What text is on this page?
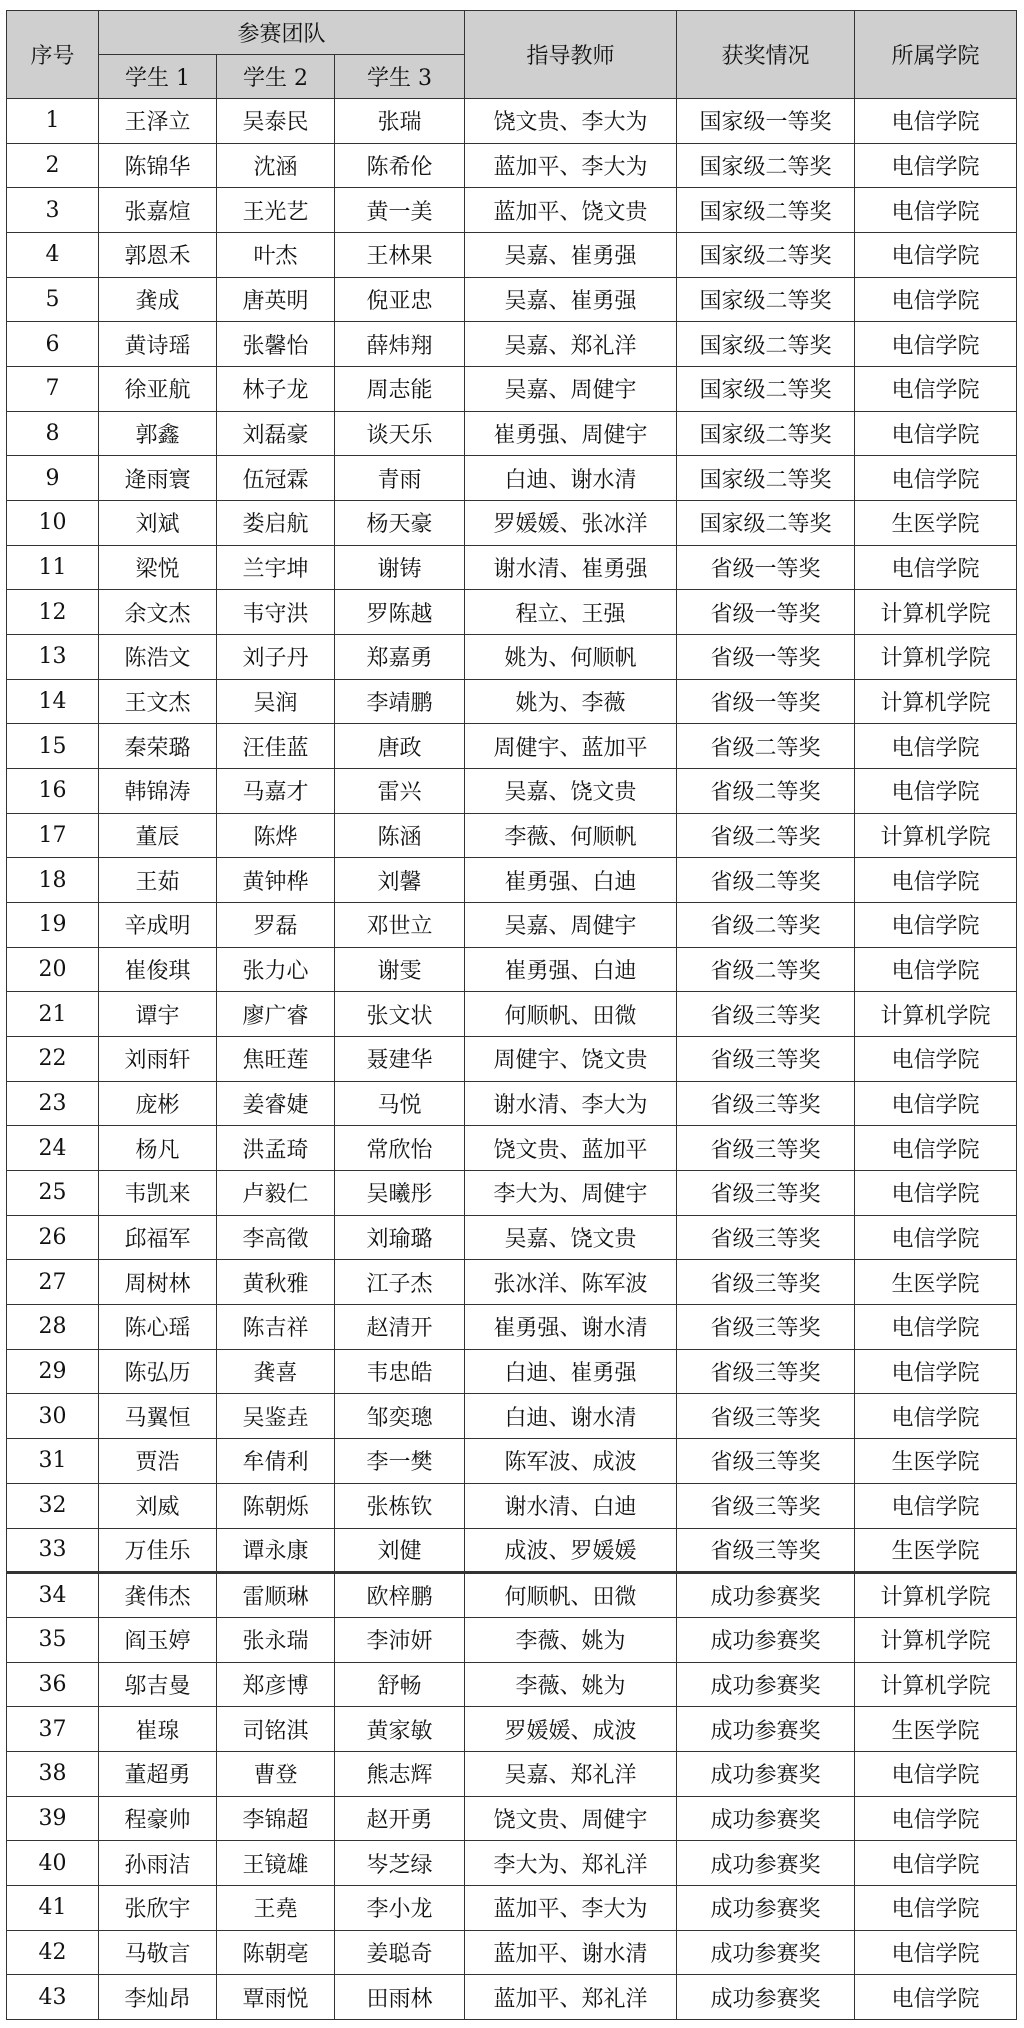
序号	参赛团队			指导教师	获奖情况	所属学院
	学生 1	学生 2	学生 3			
1	王泽立	吴泰民	张瑞	饶文贵、李大为	国家级一等奖	电信学院
2	陈锦华	沈涵	陈希伦	蓝加平、李大为	国家级二等奖	电信学院
3	张嘉煊	王光艺	黄一美	蓝加平、饶文贵	国家级二等奖	电信学院
4	郭恩禾	叶杰	王林果	吴嘉、崔勇强	国家级二等奖	电信学院
5	龚成	唐英明	倪亚忠	吴嘉、崔勇强	国家级二等奖	电信学院
6	黄诗瑶	张馨怡	薛炜翔	吴嘉、郑礼洋	国家级二等奖	电信学院
7	徐亚航	林子龙	周志能	吴嘉、周健宇	国家级二等奖	电信学院
8	郭鑫	刘磊豪	谈天乐	崔勇强、周健宇	国家级二等奖	电信学院
9	逄雨寰	伍冠霖	青雨	白迪、谢水清	国家级二等奖	电信学院
10	刘斌	娄启航	杨天豪	罗媛媛、张冰洋	国家级二等奖	生医学院
11	梁悦	兰宇坤	谢铸	谢水清、崔勇强	省级一等奖	电信学院
12	余文杰	韦守洪	罗陈越	程立、王强	省级一等奖	计算机学院
13	陈浩文	刘子丹	郑嘉勇	姚为、何顺帆	省级一等奖	计算机学院
14	王文杰	吴润	李靖鹏	姚为、李薇	省级一等奖	计算机学院
15	秦荣璐	汪佳蓝	唐政	周健宇、蓝加平	省级二等奖	电信学院
16	韩锦涛	马嘉才	雷兴	吴嘉、饶文贵	省级二等奖	电信学院
17	董辰	陈烨	陈涵	李薇、何顺帆	省级二等奖	计算机学院
18	王茹	黄钟桦	刘馨	崔勇强、白迪	省级二等奖	电信学院
19	辛成明	罗磊	邓世立	吴嘉、周健宇	省级二等奖	电信学院
20	崔俊琪	张力心	谢雯	崔勇强、白迪	省级二等奖	电信学院
21	谭宇	廖广睿	张文状	何顺帆、田微	省级三等奖	计算机学院
22	刘雨轩	焦旺莲	聂建华	周健宇、饶文贵	省级三等奖	电信学院
23	庞彬	姜睿婕	马悦	谢水清、李大为	省级三等奖	电信学院
24	杨凡	洪孟琦	常欣怡	饶文贵、蓝加平	省级三等奖	电信学院
25	韦凯来	卢毅仁	吴曦彤	李大为、周健宇	省级三等奖	电信学院
26	邱福军	李高徵	刘瑜璐	吴嘉、饶文贵	省级三等奖	电信学院
27	周树林	黄秋雅	江子杰	张冰洋、陈军波	省级三等奖	生医学院
28	陈心瑶	陈吉祥	赵清开	崔勇强、谢水清	省级三等奖	电信学院
29	陈弘历	龚喜	韦忠皓	白迪、崔勇强	省级三等奖	电信学院
30	马翼恒	吴鉴垚	邹奕璁	白迪、谢水清	省级三等奖	电信学院
31	贾浩	牟倩利	李一樊	陈军波、成波	省级三等奖	生医学院
32	刘威	陈朝烁	张栋钦	谢水清、白迪	省级三等奖	电信学院
33	万佳乐	谭永康	刘健	成波、罗媛媛	省级三等奖	生医学院
34	龚伟杰	雷顺琳	欧梓鹏	何顺帆、田微	成功参赛奖	计算机学院
35	阎玉婷	张永瑞	李沛妍	李薇、姚为	成功参赛奖	计算机学院
36	邬吉曼	郑彦博	舒畅	李薇、姚为	成功参赛奖	计算机学院
37	崔瑔	司铭淇	黄家敏	罗媛媛、成波	成功参赛奖	生医学院
38	董超勇	曹登	熊志辉	吴嘉、郑礼洋	成功参赛奖	电信学院
39	程豪帅	李锦超	赵开勇	饶文贵、周健宇	成功参赛奖	电信学院
40	孙雨洁	王镜雄	岑芝绿	李大为、郑礼洋	成功参赛奖	电信学院
41	张欣宇	王堯	李小龙	蓝加平、李大为	成功参赛奖	电信学院
42	马敬言	陈朝亳	姜聪奇	蓝加平、谢水清	成功参赛奖	电信学院
43	李灿昂	覃雨悦	田雨林	蓝加平、郑礼洋	成功参赛奖	电信学院
